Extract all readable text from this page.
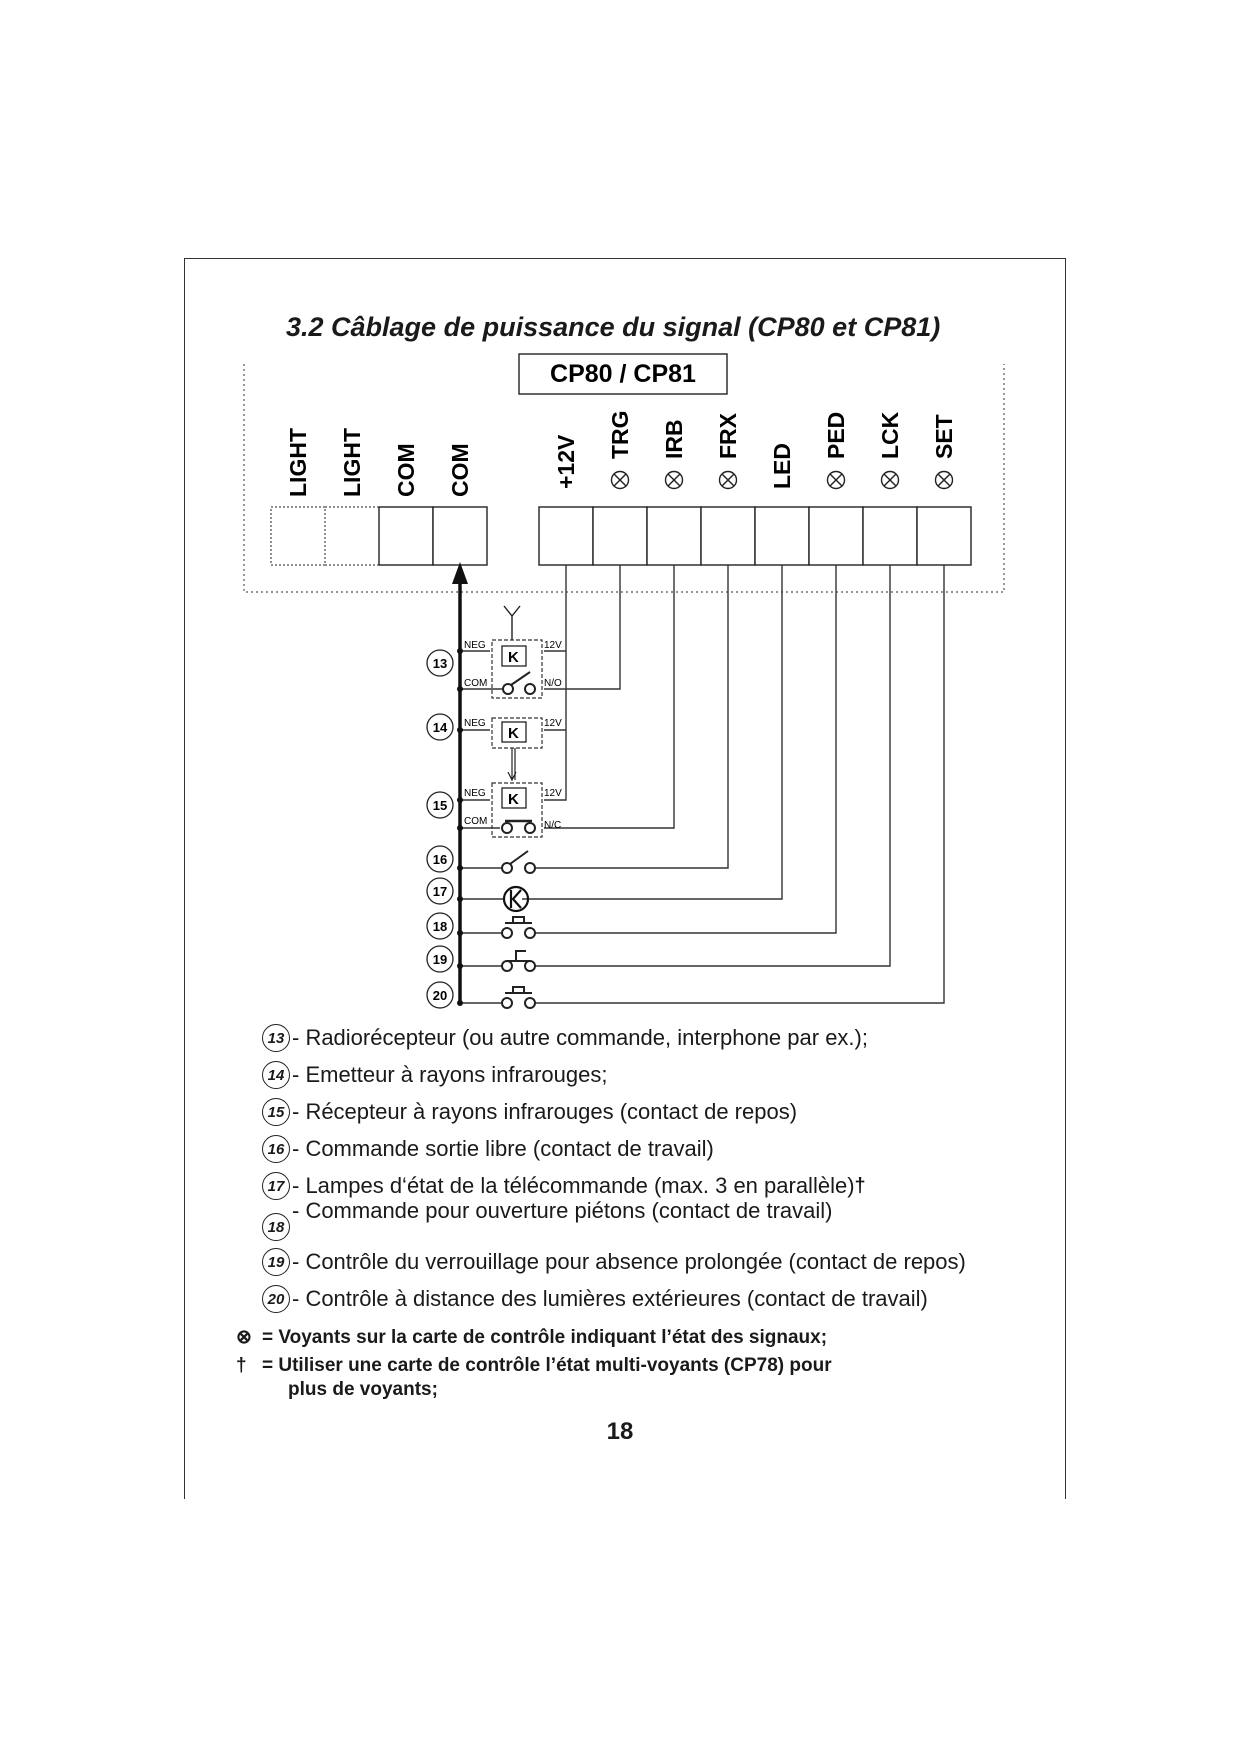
3.2 Câblage de puissance du signal (CP80 et CP81)
CP80 / CP81
LIGHT LIGHT COM COM	+12V TRG IRB FRX
LED
PED LCK SET
K
NEG
COM
12V
N/O
K
NEG	12V
K
NEG
COM
12V
N/C
13
14
15
16
17
18
19
20
13 - Radiorécepteur (ou autre commande, interphone par ex.);
14 - Emetteur à rayons infrarouges;
15 - Récepteur à rayons infrarouges (contact de repos)
16 - Commande sortie libre (contact de travail)
17 - Lampes d‘état de la télécommande (max. 3 en parallèle) †
18
- Commande pour ouverture piétons (contact de travail)
19 - Contrôle du verrouillage pour absence prolongée (contact de repos)
20 - Contrôle à distance des lumières extérieures (contact de travail)
⊗ = Voyants sur la carte de contrôle indiquant l’état des signaux;
† = Utiliser une carte de contrôle l’état multi-voyants (CP78) pour
plus de voyants;
18
